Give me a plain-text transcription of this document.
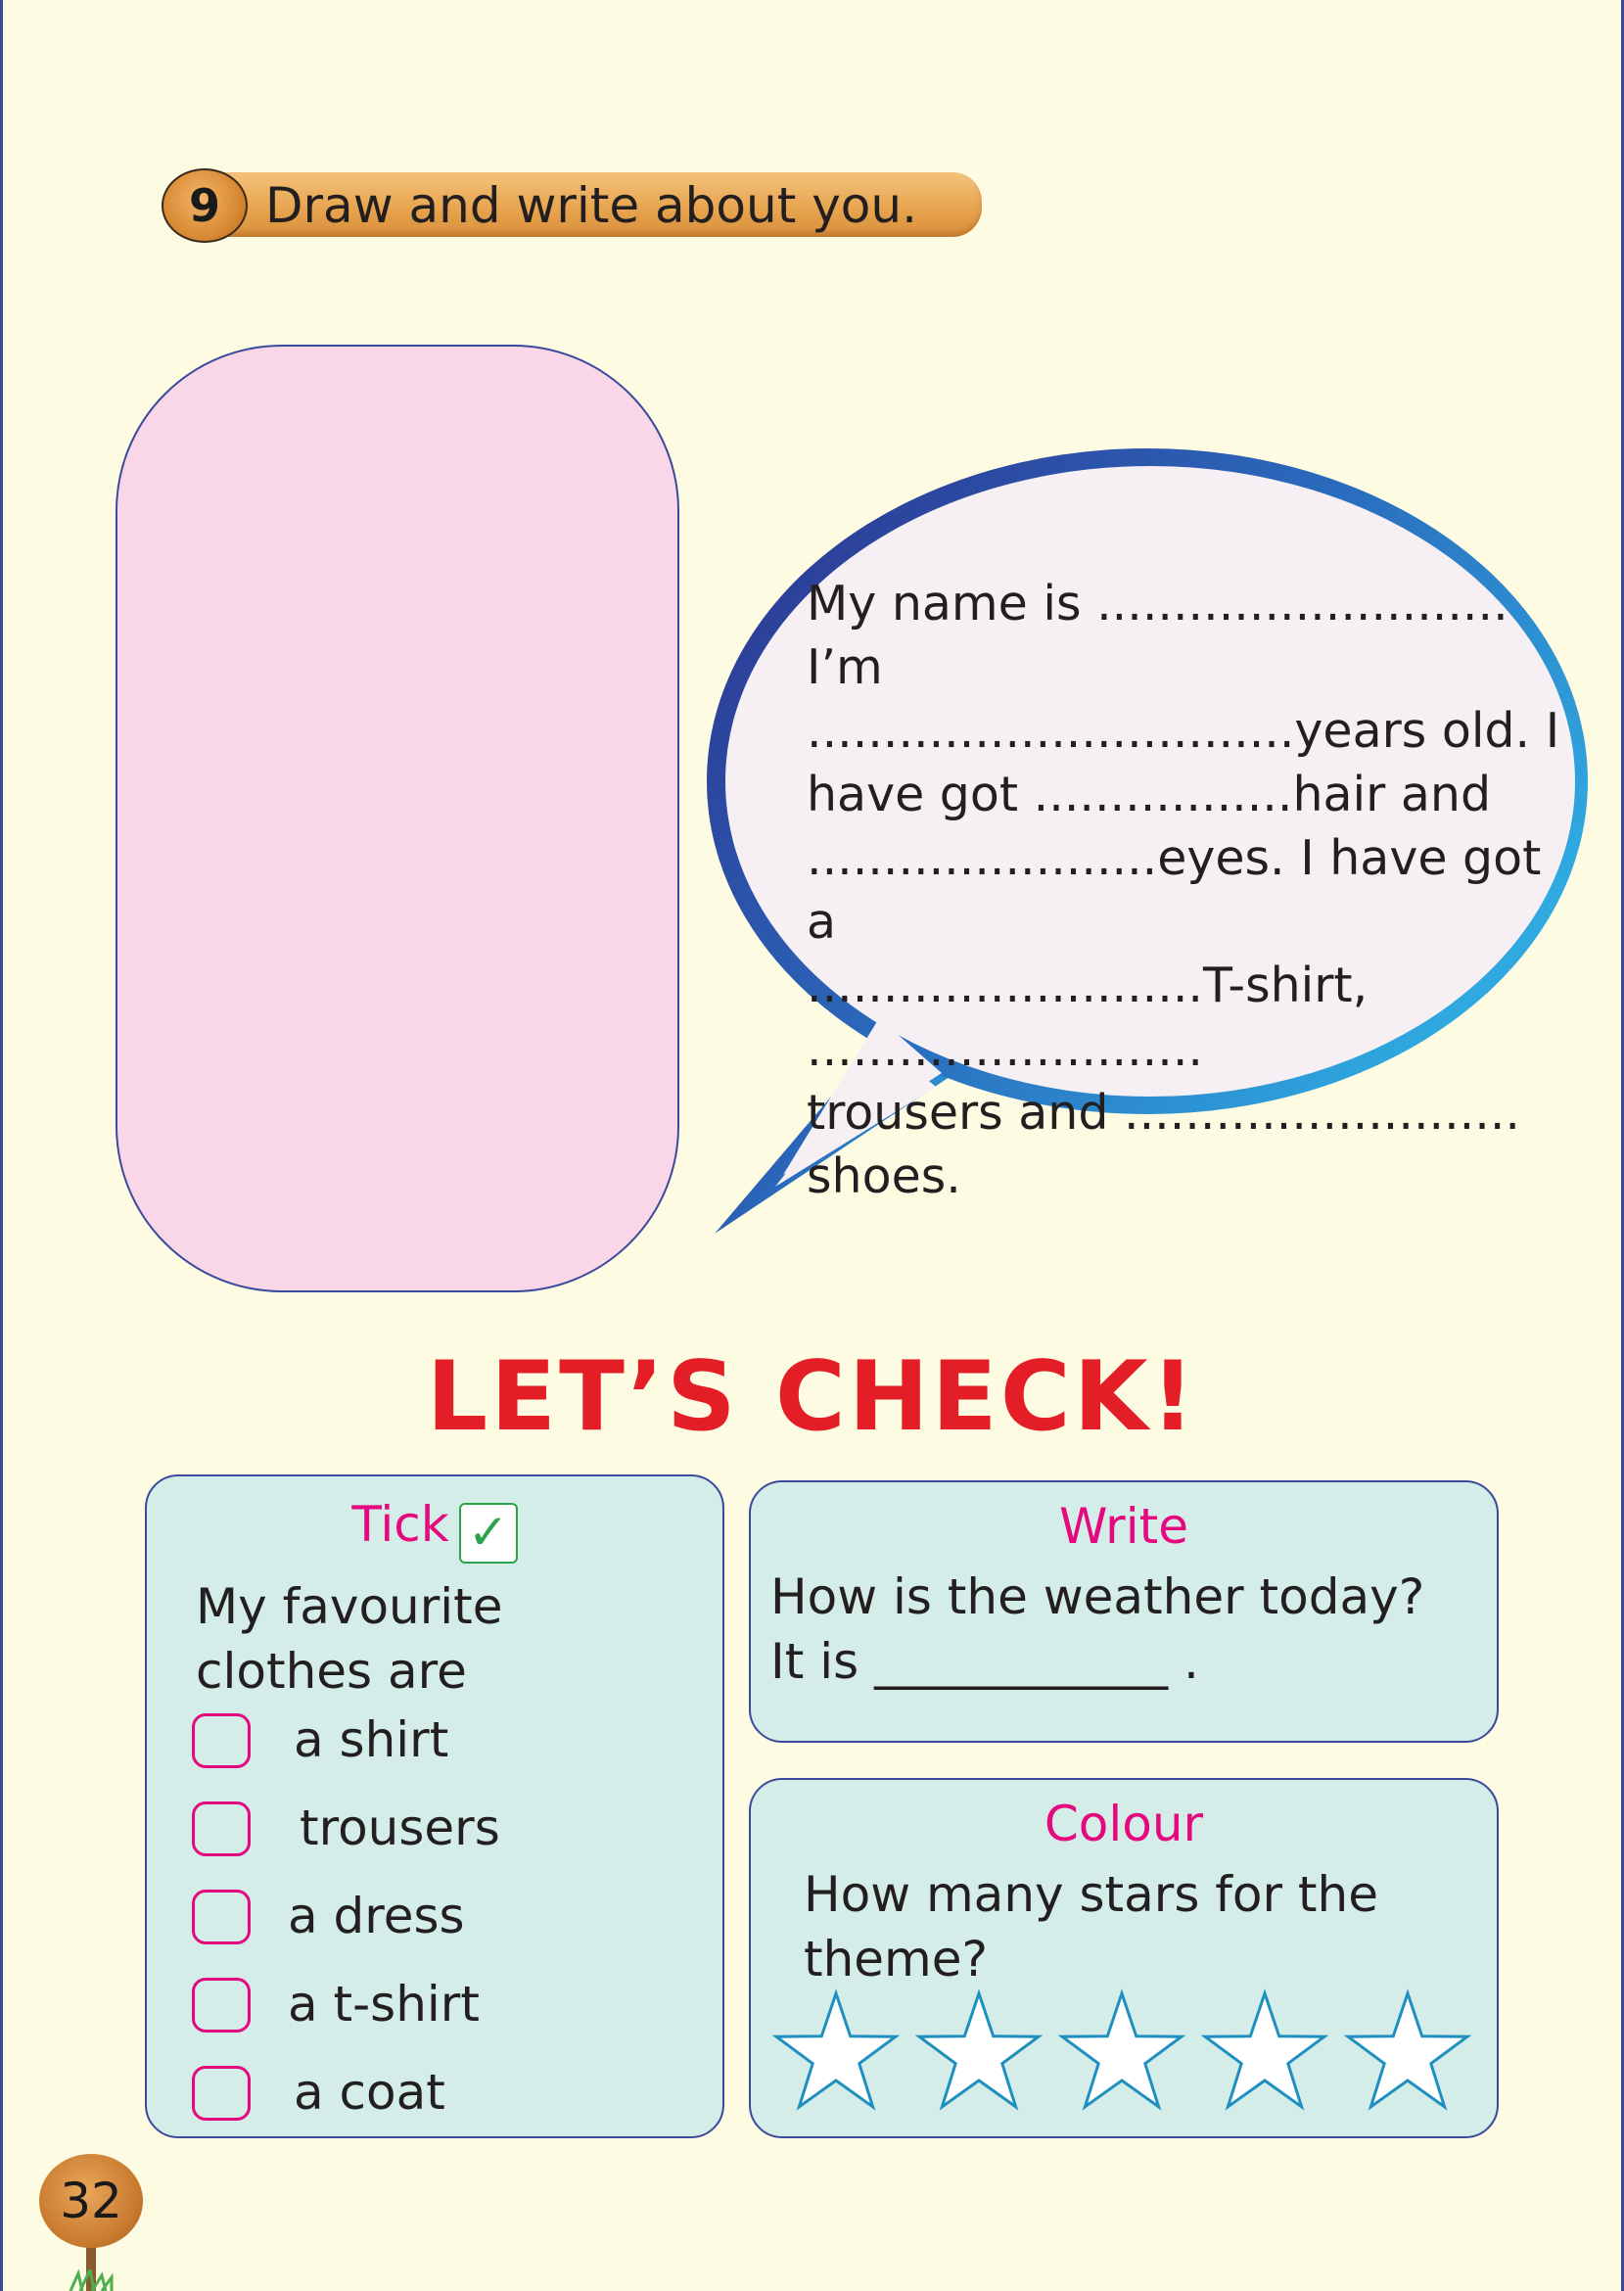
9 Draw and write about you.
My name is ........................... I’m
................................years old. I
have got .................hair and
.......................eyes. I have got a
..........................T-shirt, ..........................
trousers and ..........................
shoes.
LET’S CHECK!
Tick ✓
My favourite
clothes are
a shirt
trousers
a dress
a t-shirt
a coat
Write
How is the weather today?
It is ____________ .
Colour
How many stars for the
theme?
32
